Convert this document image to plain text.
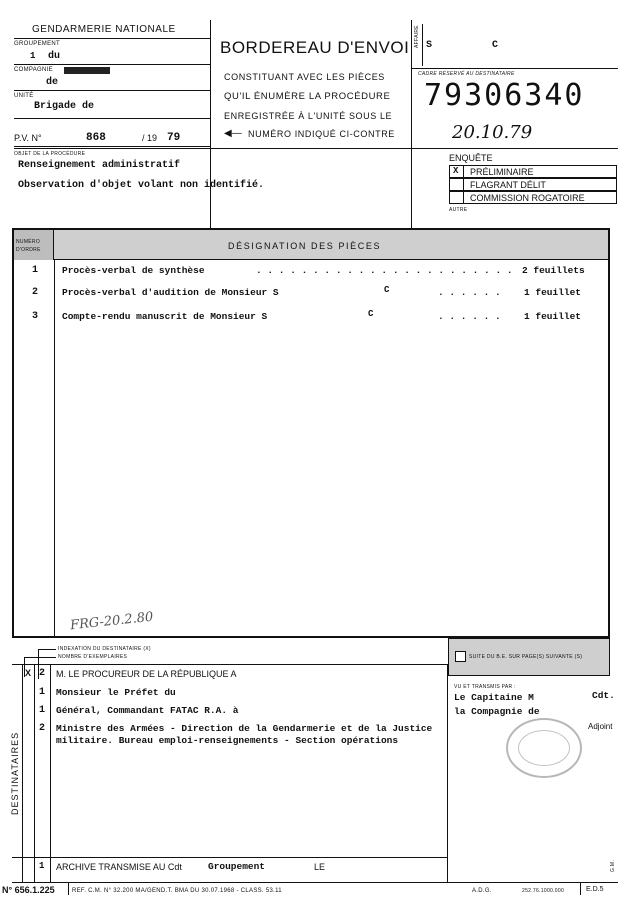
GENDARMERIE NATIONALE
GROUPEMENT
1 du
COMPAGNIE
de
UNITÉ
Brigade de
P.V. N°	868	/ 19 79
BORDEREAU D'ENVOI
CONSTITUANT AVEC LES PIÈCES
QU'IL ÉNUMÈRE LA PROCÉDURE
ENREGISTRÉE À L'UNITÉ SOUS LE
◀— NUMÉRO INDIQUÉ CI-CONTRE
AFFAIRE S	C
CADRE RÉSERVÉ AU DESTINATAIRE
79306340
20.10.79
OBJET DE LA PROCÉDURE
Renseignement administratif
Observation d'objet volant non identifié.
ENQUÊTE
X PRÉLIMINAIRE
FLAGRANT DÉLIT
COMMISSION ROGATOIRE
AUTRE
NUMÉRO D'ORDRE	DÉSIGNATION DES PIÈCES
1	Procès-verbal de synthèse	. . . . . . . . . . . . . . . . . . . . . . . 2 feuillets
2	Procès-verbal d'audition de Monsieur S	C	. . . . . . 1 feuillet
3	Compte-rendu manuscrit de Monsieur S	C	. . . . . . 1 feuillet
FRG-20.2.80
INDEXATION DU DESTINATAIRE (X)
NOMBRE D'EXEMPLAIRES
DESTINATAIRES
X 2 M. LE PROCUREUR DE LA RÉPUBLIQUE A
1 Monsieur le Préfet du
1 Général, Commandant FATAC R.A. à
2 Ministre des Armées - Direction de la Gendarmerie et de la Justice militaire. Bureau emploi-renseignements - Section opérations
1 ARCHIVE TRANSMISE AU Cdt	Groupement	LE
SUITE DU B.E. SUR PAGE(S) SUIVANTE (S)
VU ET TRANSMIS PAR :
Le Capitaine M	Cdt.
la Compagnie de
Adjoint
N° 656.1.225	REF. C.M. N° 32.200 MA/GEND.T. BMA DU 30.07.1968 - CLASS. 53.11	A.D.G.	252.76.1000.000	E.D.5
G.M.
